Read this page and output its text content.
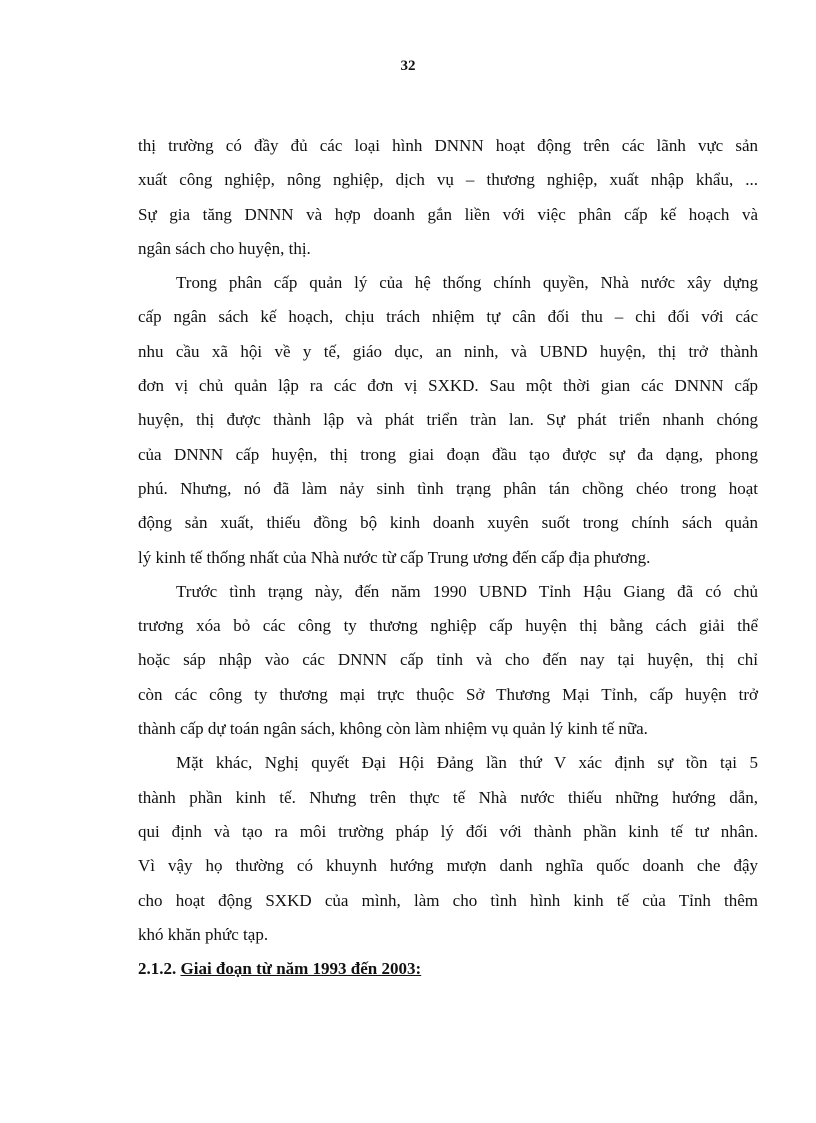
32
thị trường có đầy đủ các loại hình DNNN hoạt động trên các lãnh vực sản
xuất công nghiệp, nông nghiệp, dịch vụ – thương nghiệp, xuất nhập khẩu, ...
Sự gia tăng DNNN và hợp doanh gắn liền với việc phân cấp kế hoạch và
ngân sách cho huyện, thị.
Trong phân cấp quản lý của hệ thống chính quyền, Nhà nước xây dựng
cấp ngân sách kế hoạch, chịu trách nhiệm tự cân đối thu – chi đối với các
nhu cầu xã hội về y tế, giáo dục, an ninh, và UBND huyện, thị trở thành
đơn vị chủ quản lập ra các đơn vị SXKD. Sau một thời gian các DNNN cấp
huyện, thị được thành lập và phát triển tràn lan. Sự phát triển nhanh chóng
của DNNN cấp huyện, thị trong giai đoạn đầu tạo được sự đa dạng, phong
phú. Nhưng, nó đã làm nảy sinh tình trạng phân tán chồng chéo trong hoạt
động sản xuất, thiếu đồng bộ kinh doanh xuyên suốt trong chính sách quản
lý kinh tế thống nhất của Nhà nước từ cấp Trung ương đến cấp địa phương.
Trước tình trạng này, đến năm 1990 UBND Tỉnh Hậu Giang đã có chủ
trương xóa bỏ các công ty thương nghiệp cấp huyện thị bằng cách giải thể
hoặc sáp nhập vào các DNNN cấp tỉnh và cho đến nay tại huyện, thị chỉ
còn các công ty thương mại trực thuộc Sở Thương Mại Tỉnh, cấp huyện trở
thành cấp dự toán ngân sách, không còn làm nhiệm vụ quản lý kinh tế nữa.
Mặt khác, Nghị quyết Đại Hội Đảng lần thứ V xác định sự tồn tại 5
thành phần kinh tế. Nhưng trên thực tế Nhà nước thiếu những hướng dẫn,
qui định và tạo ra môi trường pháp lý đối với thành phần kinh tế tư nhân.
Vì vậy họ thường có khuynh hướng mượn danh nghĩa quốc doanh che đậy
cho hoạt động SXKD của mình, làm cho tình hình kinh tế của Tỉnh thêm
khó khăn phức tạp.
2.1.2. Giai đoạn từ năm 1993 đến 2003:
